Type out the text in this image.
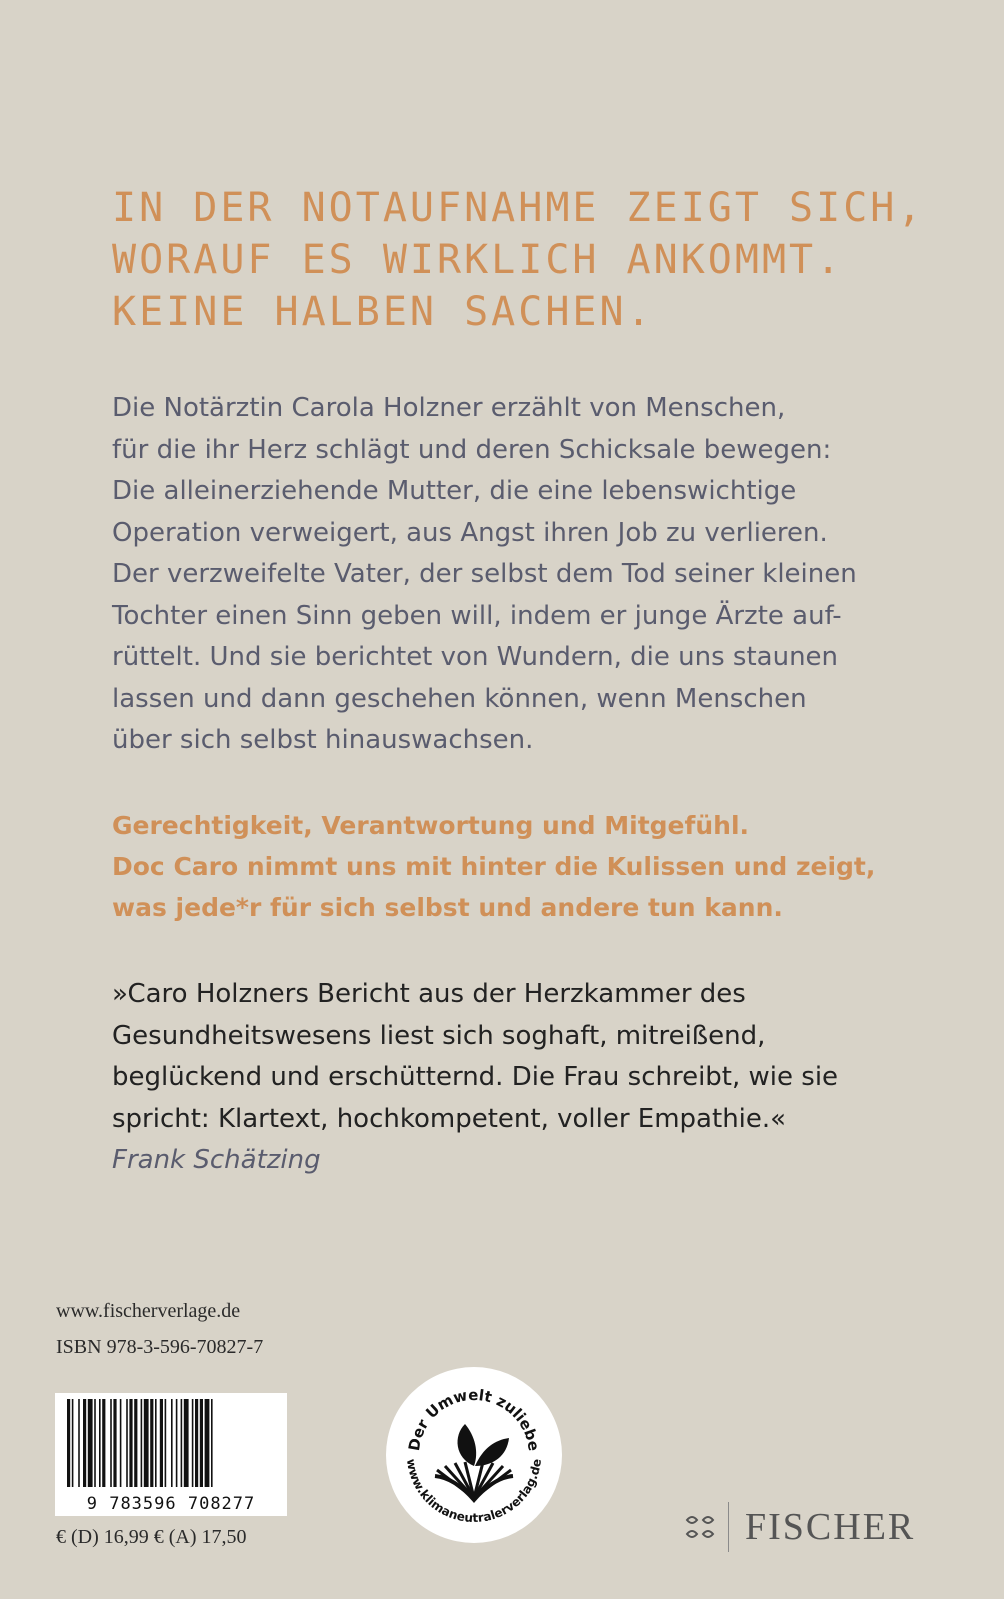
IN DER NOTAUFNAHME ZEIGT SICH,
WORAUF ES WIRKLICH ANKOMMT.
KEINE HALBEN SACHEN.
Die Notärztin Carola Holzner erzählt von Menschen,
für die ihr Herz schlägt und deren Schicksale bewegen:
Die alleinerziehende Mutter, die eine lebenswichtige
Operation verweigert, aus Angst ihren Job zu verlieren.
Der verzweifelte Vater, der selbst dem Tod seiner kleinen
Tochter einen Sinn geben will, indem er junge Ärzte auf-
rüttelt. Und sie berichtet von Wundern, die uns staunen
lassen und dann geschehen können, wenn Menschen
über sich selbst hinauswachsen.
Gerechtigkeit, Verantwortung und Mitgefühl.
Doc Caro nimmt uns mit hinter die Kulissen und zeigt,
was jede*r für sich selbst und andere tun kann.
»Caro Holzners Bericht aus der Herzkammer des
Gesundheitswesens liest sich soghaft, mitreißend,
beglückend und erschütternd. Die Frau schreibt, wie sie
spricht: Klartext, hochkompetent, voller Empathie.«
Frank Schätzing
www.fischerverlage.de
ISBN 978-3-596-70827-7
9 783596 708277
€ (D) 16,99 € (A) 17,50
Der Umwelt zuliebe
www.klimaneutralerverlag.de
FISCHER
